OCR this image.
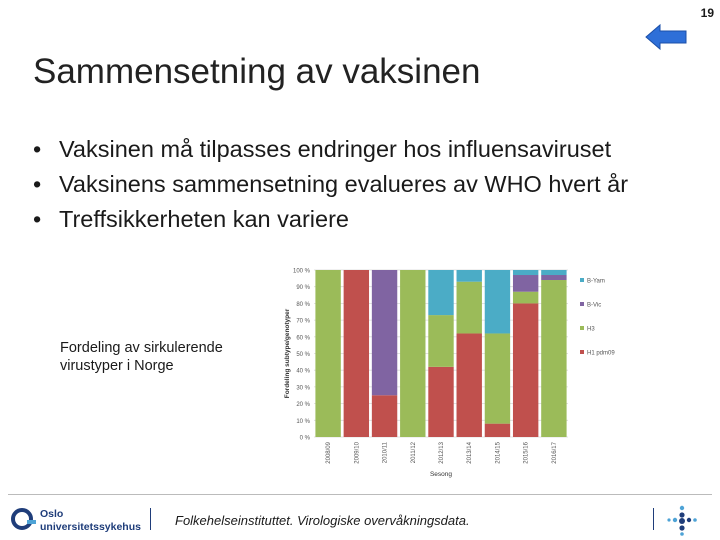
19
Sammensetning av vaksinen
• Vaksinen må tilpasses endringer hos influensaviruset
• Vaksinens sammensetning evalueres av WHO hvert år
• Treffsikkerheten kan variere
Fordeling av sirkulerende
virustyper i Norge
0 %
10 %
20 %
30 %
40 %
50 %
60 %
70 %
80 %
90 %
100 %
Fordeling subtype/genotyper
2008/09	2009/10	2010/11	2011/12	2012/13	2013/14	2014/15	2015/16	2016/17
Sesong
B-Yam
B-Vic
H3
H1 pdm09
Oslo
universitetssykehus	Folkehelseinstituttet. Virologiske overvåkningsdata.
